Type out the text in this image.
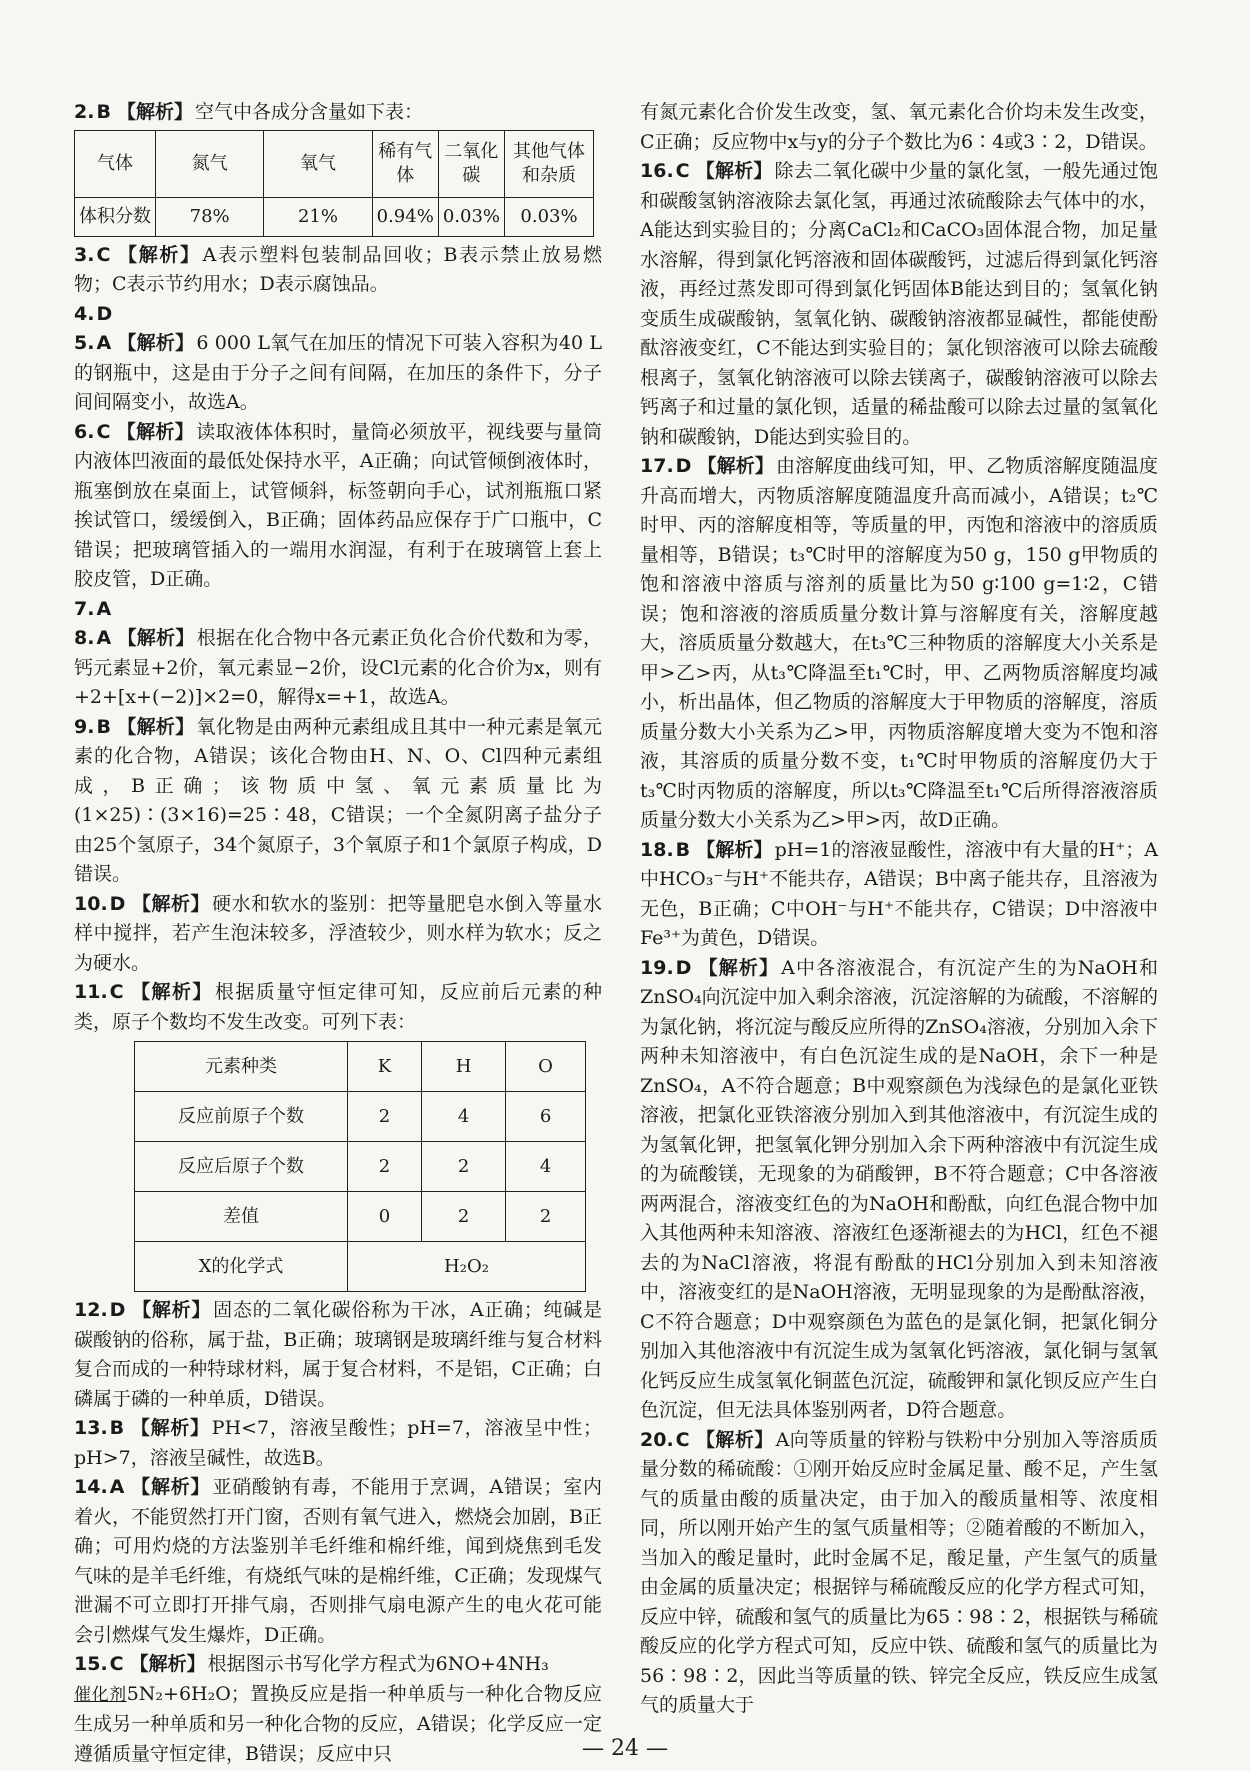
2. B 【解析】 空气中各成分含量如下表：

气体	氮气	氧气	稀有气体	二氧化碳	其他气体和杂质
体积分数	78%	21%	0.94%	0.03%	0.03%

3. C 【解析】 A表示塑料包装制品回收；B表示禁止放易燃物；C表示节约用水；D表示腐蚀品。

4. D

5. A 【解析】 6 000 L氧气在加压的情况下可装入容积为40 L的钢瓶中，这是由于分子之间有间隔，在加压的条件下，分子间间隔变小，故选A。

6. C 【解析】 读取液体体积时，量筒必须放平，视线要与量筒内液体凹液面的最低处保持水平，A正确；向试管倾倒液体时，瓶塞倒放在桌面上，试管倾斜，标签朝向手心，试剂瓶瓶口紧挨试管口，缓缓倒入，B正确；固体药品应保存于广口瓶中，C错误；把玻璃管插入的一端用水润湿，有利于在玻璃管上套上胶皮管，D正确。

7. A

8. A 【解析】 根据在化合物中各元素正负化合价代数和为零，钙元素显+2价，氧元素显−2价，设Cl元素的化合价为x，则有+2+[x+(−2)]×2=0，解得x=+1，故选A。

9. B 【解析】 氧化物是由两种元素组成且其中一种元素是氧元素的化合物，A错误；该化合物由H、N、O、Cl四种元素组成，B正确；该物质中氢、氧元素质量比为(1×25)∶(3×16)=25∶48，C错误；一个全氮阴离子盐分子由25个氢原子，34个氮原子，3个氧原子和1个氯原子构成，D错误。

10. D 【解析】 硬水和软水的鉴别：把等量肥皂水倒入等量水样中搅拌，若产生泡沫较多，浮渣较少，则水样为软水；反之为硬水。

11. C 【解析】 根据质量守恒定律可知，反应前后元素的种类，原子个数均不发生改变。可列下表：

元素种类	K	H	O
反应前原子个数	2	4	6
反应后原子个数	2	2	4
差值	0	2	2
X的化学式	H₂O₂		

12. D 【解析】 固态的二氧化碳俗称为干冰，A正确；纯碱是碳酸钠的俗称，属于盐，B正确；玻璃钢是玻璃纤维与复合材料复合而成的一种特球材料，属于复合材料，不是铝，C正确；白磷属于磷的一种单质，D错误。

13. B 【解析】 PH<7，溶液呈酸性；pH=7，溶液呈中性；pH>7，溶液呈碱性，故选B。

14. A 【解析】 亚硝酸钠有毒，不能用于烹调，A错误；室内着火，不能贸然打开门窗，否则有氧气进入，燃烧会加剧，B正确；可用灼烧的方法鉴别羊毛纤维和棉纤维，闻到烧焦到毛发气味的是羊毛纤维，有烧纸气味的是棉纤维，C正确；发现煤气泄漏不可立即打开排气扇，否则排气扇电源产生的电火花可能会引燃煤气发生爆炸，D正确。

15. C 【解析】 根据图示书写化学方程式为6NO+4NH₃
催化剂5N₂+6H₂O；置换反应是指一种单质与一种化合物反应生成另一种单质和另一种化合物的反应，A错误；化学反应一定遵循质量守恒定律，B错误；反应中只

有氮元素化合价发生改变，氢、氧元素化合价均未发生改变，C正确；反应物中x与y的分子个数比为6∶4或3∶2，D错误。

16. C 【解析】 除去二氧化碳中少量的氯化氢，一般先通过饱和碳酸氢钠溶液除去氯化氢，再通过浓硫酸除去气体中的水，A能达到实验目的；分离CaCl₂和CaCO₃固体混合物，加足量水溶解，得到氯化钙溶液和固体碳酸钙，过滤后得到氯化钙溶液，再经过蒸发即可得到氯化钙固体B能达到目的；氢氧化钠变质生成碳酸钠，氢氧化钠、碳酸钠溶液都显碱性，都能使酚酞溶液变红，C不能达到实验目的；氯化钡溶液可以除去硫酸根离子，氢氧化钠溶液可以除去镁离子，碳酸钠溶液可以除去钙离子和过量的氯化钡，适量的稀盐酸可以除去过量的氢氧化钠和碳酸钠，D能达到实验目的。

17. D 【解析】 由溶解度曲线可知，甲、乙物质溶解度随温度升高而增大，丙物质溶解度随温度升高而减小，A错误；t₂℃时甲、丙的溶解度相等，等质量的甲，丙饱和溶液中的溶质质量相等，B错误；t₃℃时甲的溶解度为50 g，150 g甲物质的饱和溶液中溶质与溶剂的质量比为50 g∶100 g=1∶2，C错误；饱和溶液的溶质质量分数计算与溶解度有关，溶解度越大，溶质质量分数越大，在t₃℃三种物质的溶解度大小关系是甲>乙>丙，从t₃℃降温至t₁℃时，甲、乙两物质溶解度均减小，析出晶体，但乙物质的溶解度大于甲物质的溶解度，溶质质量分数大小关系为乙>甲，丙物质溶解度增大变为不饱和溶液，其溶质的质量分数不变，t₁℃时甲物质的溶解度仍大于t₃℃时丙物质的溶解度，所以t₃℃降温至t₁℃后所得溶液溶质质量分数大小关系为乙>甲>丙，故D正确。

18. B 【解析】 pH=1的溶液显酸性，溶液中有大量的H⁺；A中HCO₃⁻与H⁺不能共存，A错误；B中离子能共存，且溶液为无色，B正确；C中OH⁻与H⁺不能共存，C错误；D中溶液中Fe³⁺为黄色，D错误。

19. D 【解析】 A中各溶液混合，有沉淀产生的为NaOH和ZnSO₄向沉淀中加入剩余溶液，沉淀溶解的为硫酸，不溶解的为氯化钠，将沉淀与酸反应所得的ZnSO₄溶液，分别加入余下两种未知溶液中，有白色沉淀生成的是NaOH，余下一种是ZnSO₄，A不符合题意；B中观察颜色为浅绿色的是氯化亚铁溶液，把氯化亚铁溶液分别加入到其他溶液中，有沉淀生成的为氢氧化钾，把氢氧化钾分别加入余下两种溶液中有沉淀生成的为硫酸镁，无现象的为硝酸钾，B不符合题意；C中各溶液两两混合，溶液变红色的为NaOH和酚酞，向红色混合物中加入其他两种未知溶液、溶液红色逐渐褪去的为HCl，红色不褪去的为NaCl溶液，将混有酚酞的HCl分别加入到未知溶液中，溶液变红的是NaOH溶液，无明显现象的为是酚酞溶液，C不符合题意；D中观察颜色为蓝色的是氯化铜，把氯化铜分别加入其他溶液中有沉淀生成为氢氧化钙溶液，氯化铜与氢氧化钙反应生成氢氧化铜蓝色沉淀，硫酸钾和氯化钡反应产生白色沉淀，但无法具体鉴别两者，D符合题意。

20. C 【解析】 A向等质量的锌粉与铁粉中分别加入等溶质质量分数的稀硫酸：①刚开始反应时金属足量、酸不足，产生氢气的质量由酸的质量决定，由于加入的酸质量相等、浓度相同，所以刚开始产生的氢气质量相等；②随着酸的不断加入，当加入的酸足量时，此时金属不足，酸足量，产生氢气的质量由金属的质量决定；根据锌与稀硫酸反应的化学方程式可知，反应中锌，硫酸和氢气的质量比为65∶98∶2，根据铁与稀硫酸反应的化学方程式可知，反应中铁、硫酸和氢气的质量比为56∶98∶2，因此当等质量的铁、锌完全反应，铁反应生成氢气的质量大于

— 24 —
